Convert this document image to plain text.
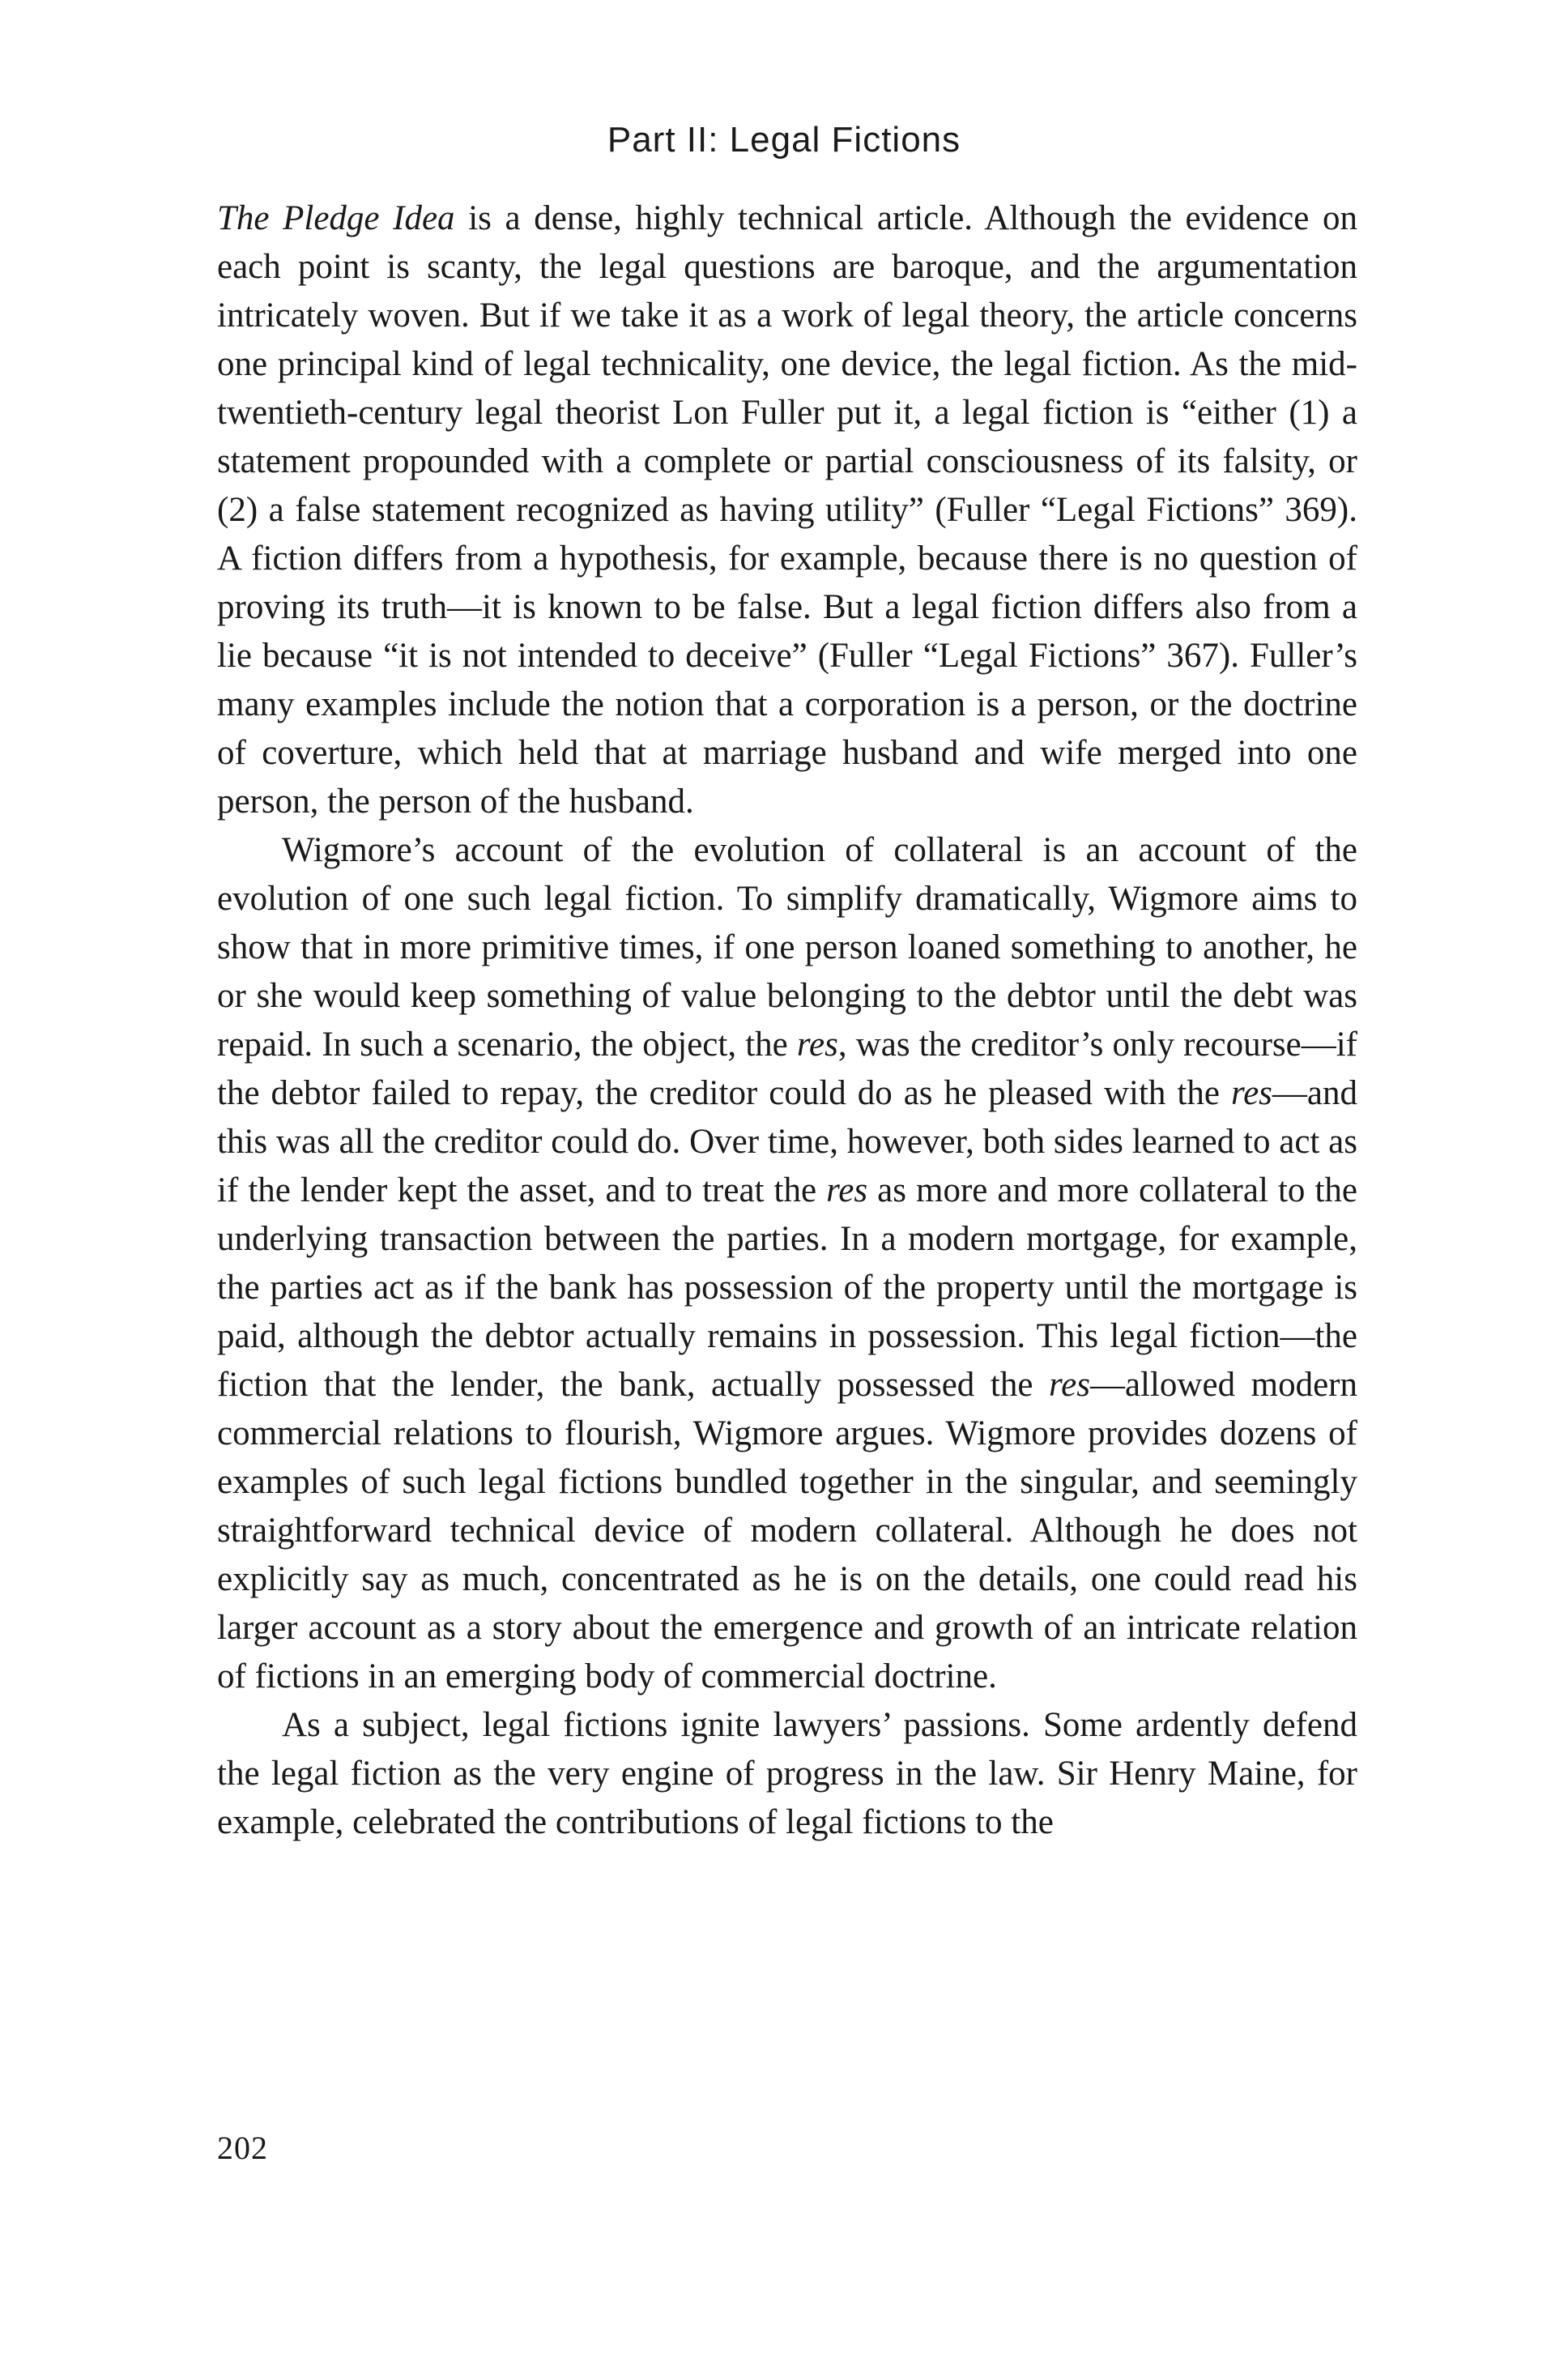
Part II: Legal Fictions

The Pledge Idea is a dense, highly technical article. Although the evidence on each point is scanty, the legal questions are baroque, and the argumentation intricately woven. But if we take it as a work of legal theory, the article concerns one principal kind of legal technicality, one device, the legal fiction. As the mid-twentieth-century legal theorist Lon Fuller put it, a legal fiction is “either (1) a statement propounded with a complete or partial consciousness of its falsity, or (2) a false statement recognized as having utility” (Fuller “Legal Fictions” 369). A fiction differs from a hypothesis, for example, because there is no question of proving its truth—it is known to be false. But a legal fiction differs also from a lie because “it is not intended to deceive” (Fuller “Legal Fictions” 367). Fuller’s many examples include the notion that a corporation is a person, or the doctrine of coverture, which held that at marriage husband and wife merged into one person, the person of the husband.

Wigmore’s account of the evolution of collateral is an account of the evolution of one such legal fiction. To simplify dramatically, Wigmore aims to show that in more primitive times, if one person loaned something to another, he or she would keep something of value belonging to the debtor until the debt was repaid. In such a scenario, the object, the res, was the creditor’s only recourse—if the debtor failed to repay, the creditor could do as he pleased with the res—and this was all the creditor could do. Over time, however, both sides learned to act as if the lender kept the asset, and to treat the res as more and more collateral to the underlying transaction between the parties. In a modern mortgage, for example, the parties act as if the bank has possession of the property until the mortgage is paid, although the debtor actually remains in possession. This legal fiction—the fiction that the lender, the bank, actually possessed the res—allowed modern commercial relations to flourish, Wigmore argues. Wigmore provides dozens of examples of such legal fictions bundled together in the singular, and seemingly straightforward technical device of modern collateral. Although he does not explicitly say as much, concentrated as he is on the details, one could read his larger account as a story about the emergence and growth of an intricate relation of fictions in an emerging body of commercial doctrine.

As a subject, legal fictions ignite lawyers’ passions. Some ardently defend the legal fiction as the very engine of progress in the law. Sir Henry Maine, for example, celebrated the contributions of legal fictions to the

202
